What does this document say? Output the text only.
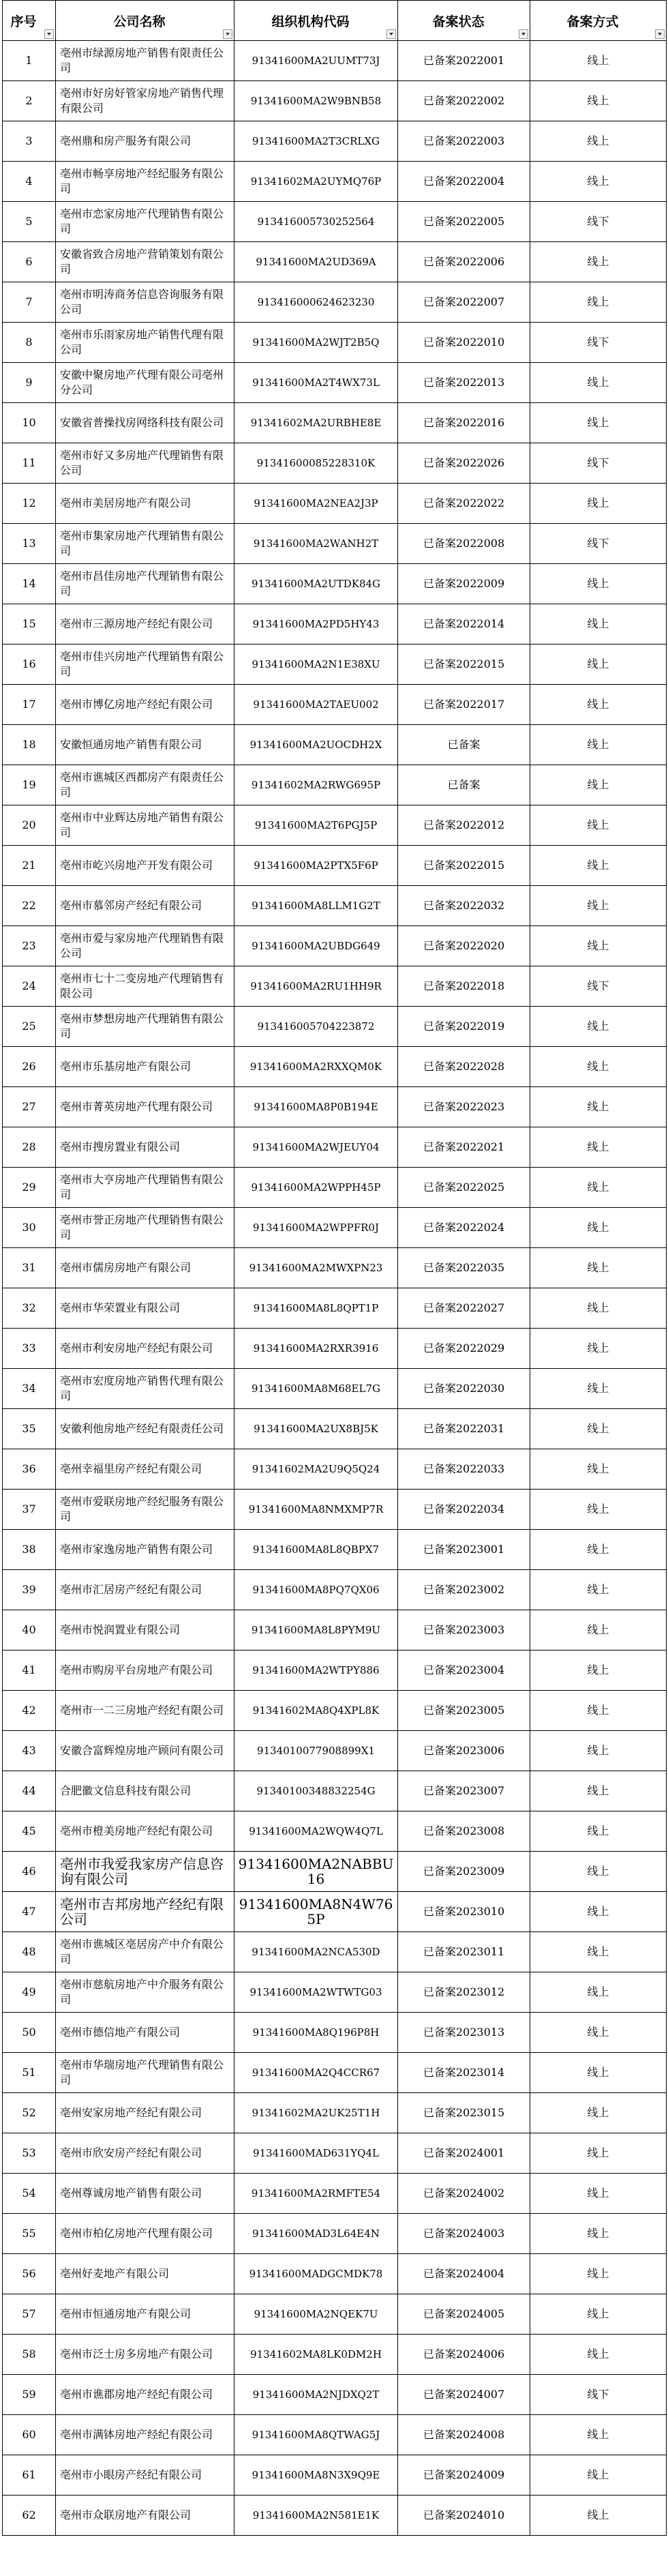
序号	公司名称	组织机构代码	备案状态	备案方式

1	亳州市绿源房地产销售有限责任公司	91341600MA2UUMT73J	已备案2022001	线上
2	亳州市好房好管家房地产销售代理有限公司	91341600MA2W9BNB58	已备案2022002	线上
3	亳州鼎和房产服务有限公司	91341600MA2T3CRLXG	已备案2022003	线上
4	亳州市畅享房地产经纪服务有限公司	91341602MA2UYMQ76P	已备案2022004	线上
5	亳州市恋家房地产代理销售有限公司	91341600573025256​4	已备案2022005	线下
6	安徽省致合房地产营销策划有限公司	91341600MA2UD369A	已备案2022006	线上
7	亳州市明涛商务信息咨询服务有限公司	913416000624623230	已备案2022007	线上
8	亳州市乐雨家房地产销售代理有限公司	91341600MA2WJT2B5Q	已备案2022010	线下
9	安徽中聚房地产代理有限公司亳州分公司	91341600MA2T4WX73L	已备案2022013	线上
10	安徽省普操找房网络科技有限公司	91341602MA2URBHE8E	已备案2022016	线上
11	亳州市好又多房地产代理销售有限公司	91341600085228310K	已备案2022026	线下
12	亳州市美居房地产有限公司	91341600MA2NEA2J3P	已备案2022022	线上
13	亳州市集家房地产代理销售有限公司	91341600MA2WANH2T	已备案2022008	线下
14	亳州市昌佳房地产代理销售有限公司	91341600MA2UTDK84G	已备案2022009	线上
15	亳州市三源房地产经纪有限公司	91341600MA2PD5HY43	已备案2022014	线上
16	亳州市佳兴房地产代理销售有限公司	91341600MA2N1E38XU	已备案2022015	线上
17	亳州市博亿房地产经纪有限公司	91341600MA2TAEU002	已备案2022017	线上
18	安徽恒通房地产销售有限公司	91341600MA2UOCDH2X	已备案	线上
19	亳州市谯城区西都房产有限责任公司	91341602MA2RWG695P	已备案	线上
20	亳州市中业辉达房地产销售有限公司	91341600MA2T6PGJ5P	已备案2022012	线上
21	亳州市屹兴房地产开发有限公司	91341600MA2PTX5F6P	已备案2022015	线上
22	亳州市慕邻房产经纪有限公司	91341600MA8LLM1G2T	已备案2022032	线上
23	亳州市爱与家房地产代理销售有限公司	91341600MA2UBDG649	已备案2022020	线上
24	亳州市七十二变房地产代理销售有限公司	91341600MA2RU1HH9R	已备案2022018	线下
25	亳州市梦想房地产代理销售有限公司	913416005704223872	已备案2022019	线上
26	亳州市乐基房地产有限公司	91341600MA2RXXQM0K	已备案2022028	线上
27	亳州市菁英房地产代理有限公司	91341600MA8P0B194E	已备案2022023	线上
28	亳州市搜房置业有限公司	91341600MA2WJEUY04	已备案2022021	线上
29	亳州市大亨房地产代理销售有限公司	91341600MA2WPPH45P	已备案2022025	线上
30	亳州市誉正房地产代理销售有限公司	91341600MA2WPPFR0J	已备案2022024	线上
31	亳州市儒房房地产有限公司	91341600MA2MWXPN23	已备案2022035	线上
32	亳州市华荣置业有限公司	91341600MA8L8QPT1P	已备案2022027	线上
33	亳州市利安房地产经纪有限公司	91341600MA2RXR3916	已备案2022029	线上
34	亳州市宏度房地产销售代理有限公司	91341600MA8M68EL7G	已备案2022030	线上
35	安徽利他房地产经纪有限责任公司	91341600MA2UX8BJ5K	已备案2022031	线上
36	亳州幸福里房产经纪有限公司	91341602MA2U9Q5Q24	已备案2022033	线上
37	亳州市爱联房地产经纪服务有限公司	91341600MA8NMXMP7R	已备案2022034	线上
38	亳州市家逸房地产销售有限公司	91341600MA8L8QBPX7	已备案2023001	线上
39	亳州市汇居房产经纪有限公司	91341600MA8PQ7QX06	已备案2023002	线上
40	亳州市悦润置业有限公司	91341600MA8L8PYM9U	已备案2023003	线上
41	亳州市购房平台房地产有限公司	91341600MA2WTPY886	已备案2023004	线上
42	亳州市一二三房地产经纪有限公司	91341602MA8Q4XPL8K	已备案2023005	线上
43	安徽合富辉煌房地产顾问有限公司	913401007790889​9X1	已备案2023006	线上
44	合肥徽文信息科技有限公司	91340100348832254G	已备案2023007	线上
45	亳州市橙美房地产经纪有限公司	91341600MA2WQW4Q7L	已备案2023008	线上
46	亳州市我爱我家房产信息咨询有限公司	91341600MA2NABBU16	已备案2023009	线上
47	亳州市吉邦房地产经纪有限公司	91341600MA8N4W765P	已备案2023010	线上
48	亳州市谯城区亳居房产中介有限公司	91341600MA2NCA530D	已备案2023011	线上
49	亳州市慈航房地产中介服务有限公司	91341600MA2WTWTG03	已备案2023012	线上
50	亳州市德信地产有限公司	91341600MA8Q196P8H	已备案2023013	线上
51	亳州市华瑞房地产代理销售有限公司	91341600MA2Q4CCR67	已备案2023014	线上
52	亳州安家房地产经纪有限公司	91341602MA2UK25T1H	已备案2023015	线上
53	亳州市欣安房产经纪有限公司	91341600MAD631YQ4L	已备案2024001	线上
54	亳州尊诚房地产销售有限公司	91341600MA2RMFTE54	已备案2024002	线上
55	亳州市柏亿房地产代理有限公司	91341600MAD3L64E4N	已备案2024003	线上
56	亳州好麦地产有限公司	91341600MADGCMDK78	已备案2024004	线上
57	亳州市恒通房地产有限公司	91341600MA2NQEK7U	已备案2024005	线上
58	亳州市泛士房多房地产有限公司	91341602MA8LK0DM2H	已备案2024006	线上
59	亳州市谯郡房地产经纪有限公司	91341600MA2NJDXQ2T	已备案2024007	线下
60	亳州市满钵房地产经纪有限公司	91341600MA8QTWAG5J	已备案2024008	线上
61	亳州市小眼房产经纪有限公司	91341600MA8N3X9Q9E	已备案2024009	线上
62	亳州市众联房地产有限公司	91341600MA2N581E1K	已备案2024010	线上
